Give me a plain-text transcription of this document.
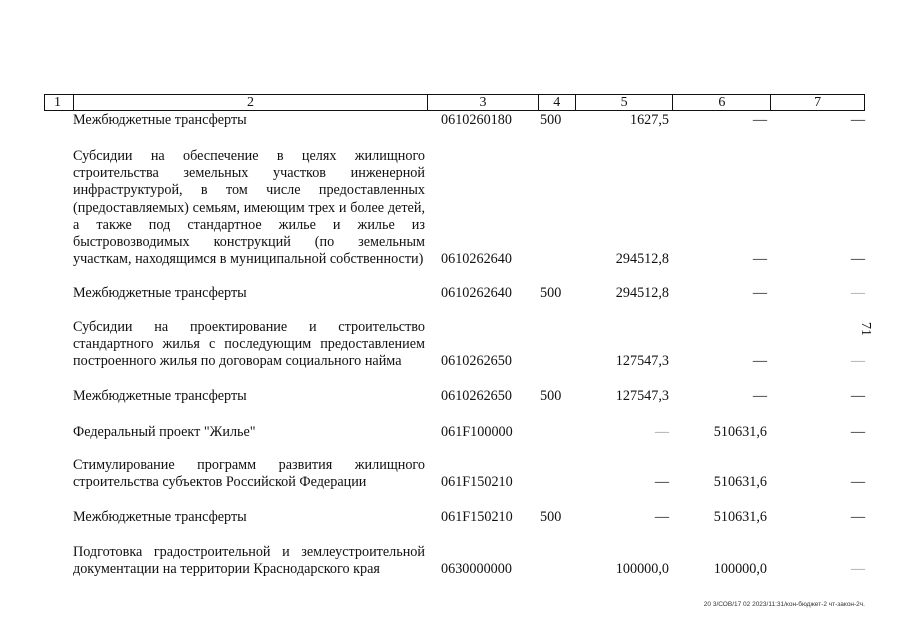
1	2	3	4	5	6	7
Межбюджетные трансферты	0610260180 500	1627,5	—	—
Субсидии на обеспечение в целях жилищного строительства земельных участков инженерной инфраструктурой, в том числе предоставленных (предоставляемых) семьям, имеющим трех и более детей, а также под стандартное жилье и жилье из быстровозводимых конструкций (по земельным участкам, находящимся в муниципальной собственности) 0610262640	294512,8	—	—
Межбюджетные трансферты	0610262640 500	294512,8	—	—
Субсидии на проектирование и строительство стандартного жилья с последующим предоставлением построенного жилья по договорам социального найма	0610262650	127547,3	—	—
Межбюджетные трансферты	0610262650 500	127547,3	—	—
Федеральный проект "Жилье"	061F100000	—	510631,6	—
Стимулирование программ развития жилищного строительства субъектов Российской Федерации	061F150210	—	510631,6	—
Межбюджетные трансферты	061F150210 500	—	510631,6	—
Подготовка градостроительной и землеустроительной документации на территории Краснодарского края	0630000000	100000,0	100000,0	—
71
20 3/СОВ/17 02 2023/11:31/кон-бюджет-2 чт-закон-2ч.
